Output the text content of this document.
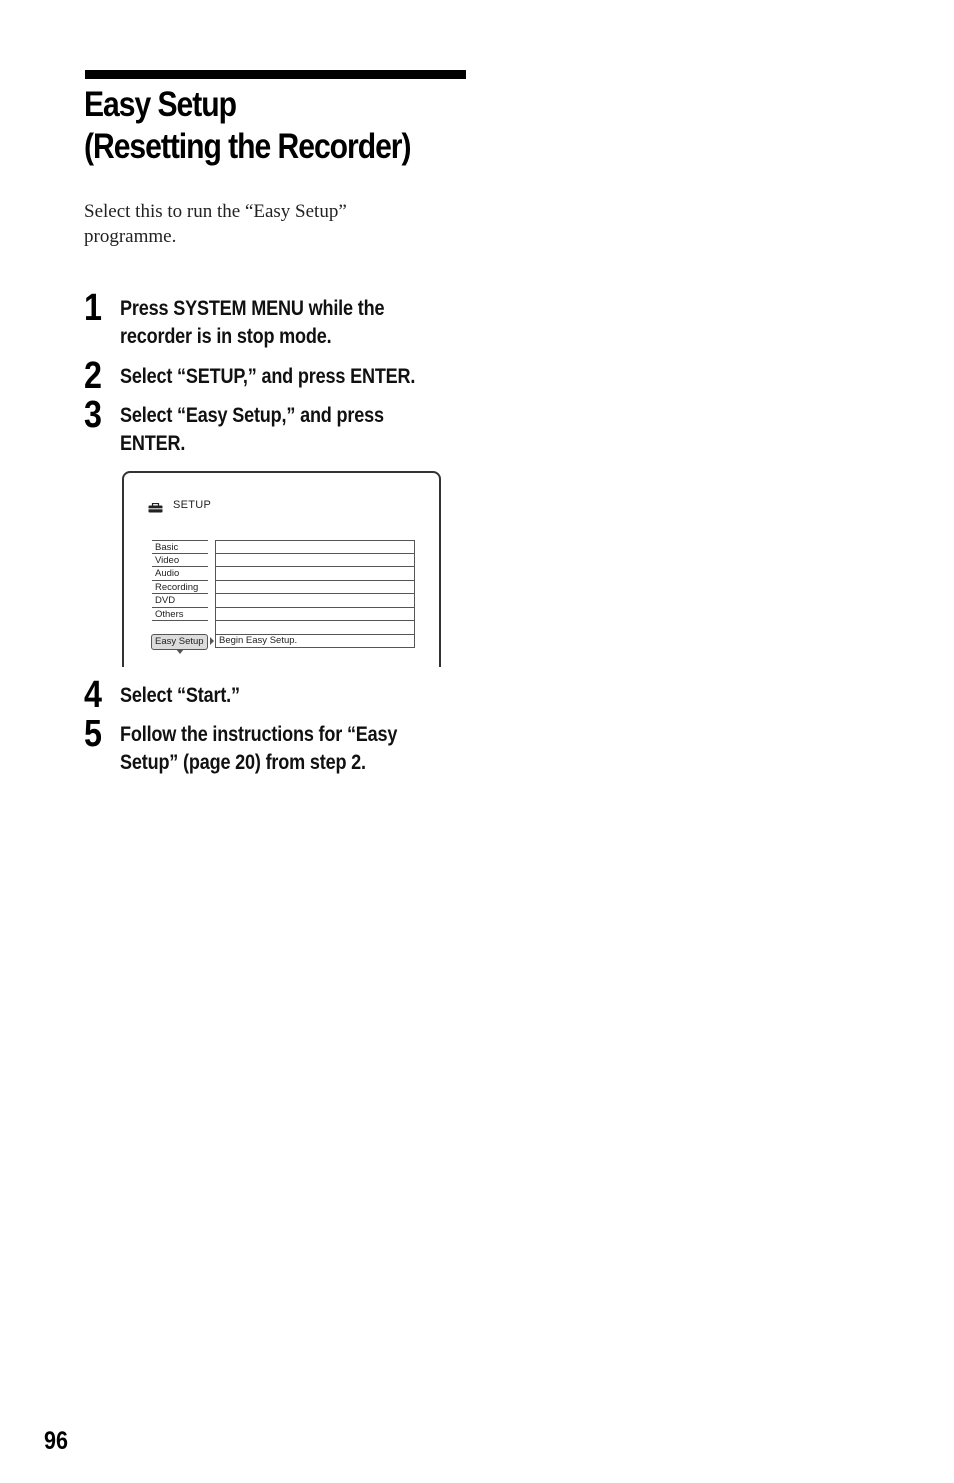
Easy Setup
(Resetting the Recorder)

Select this to run the “Easy Setup” programme.

1 Press SYSTEM MENU while the
recorder is in stop mode.
2 Select “SETUP,” and press ENTER.
3 Select “Easy Setup,” and press
ENTER.
SETUP
Basic
Video
Audio
Recording
DVD
Others
Easy Setup	Begin Easy Setup.
4 Select “Start.”
5 Follow the instructions for “Easy
Setup” (page 20) from step 2.
96
